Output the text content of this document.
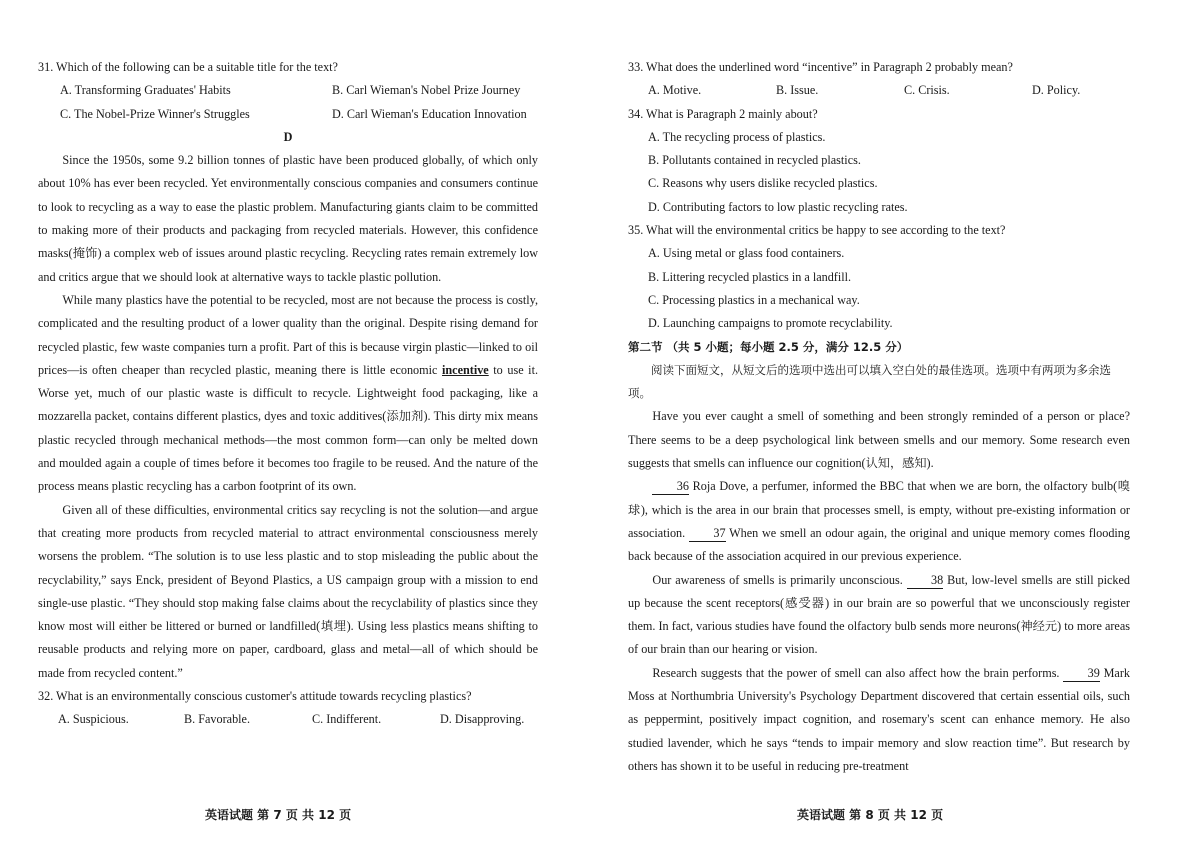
31. Which of the following can be a suitable title for the text?

A. Transforming Graduates' Habits	B. Carl Wieman's Nobel Prize Journey
C. The Nobel-Prize Winner's Struggles	D. Carl Wieman's Education Innovation

D

Since the 1950s, some 9.2 billion tonnes of plastic have been produced globally, of which only about 10% has ever been recycled. Yet environmentally conscious companies and consumers continue to look to recycling as a way to ease the plastic problem. Manufacturing giants claim to be committed to making more of their products and packaging from recycled materials. However, this confidence masks(掩饰) a complex web of issues around plastic recycling. Recycling rates remain extremely low and critics argue that we should look at alternative ways to tackle plastic pollution.

While many plastics have the potential to be recycled, most are not because the process is costly, complicated and the resulting product of a lower quality than the original. Despite rising demand for recycled plastic, few waste companies turn a profit. Part of this is because virgin plastic—linked to oil prices—is often cheaper than recycled plastic, meaning there is little economic incentive to use it. Worse yet, much of our plastic waste is difficult to recycle. Lightweight food packaging, like a mozzarella packet, contains different plastics, dyes and toxic additives(添加剂). This dirty mix means plastic recycled through mechanical methods—the most common form—can only be melted down and moulded again a couple of times before it becomes too fragile to be reused. And the nature of the process means plastic recycling has a carbon footprint of its own.

Given all of these difficulties, environmental critics say recycling is not the solution—and argue that creating more products from recycled material to attract environmental consciousness merely worsens the problem. “The solution is to use less plastic and to stop misleading the public about the recyclability,” says Enck, president of Beyond Plastics, a US campaign group with a mission to end single-use plastic. “They should stop making false claims about the recyclability of plastics since they know most will either be littered or burned or landfilled(填埋). Using less plastics means shifting to reusable products and relying more on paper, cardboard, glass and metal—all of which should be made from recycled content.”

32. What is an environmentally conscious customer's attitude towards recycling plastics?

A. Suspicious.	B. Favorable.	C. Indifferent.	D. Disapproving.
英语试题 第 7 页 共 12 页

33. What does the underlined word “incentive” in Paragraph 2 probably mean?

A. Motive.	B. Issue.	C. Crisis.	D. Policy.

34. What is Paragraph 2 mainly about?

A. The recycling process of plastics.

B. Pollutants contained in recycled plastics.

C. Reasons why users dislike recycled plastics.

D. Contributing factors to low plastic recycling rates.

35. What will the environmental critics be happy to see according to the text?

A. Using metal or glass food containers.

B. Littering recycled plastics in a landfill.

C. Processing plastics in a mechanical way.

D. Launching campaigns to promote recyclability.

第二节 （共 5 小题；每小题 2.5 分，满分 12.5 分）

阅读下面短文，从短文后的选项中选出可以填入空白处的最佳选项。选项中有两项为多余选项。

Have you ever caught a smell of something and been strongly reminded of a person or place? There seems to be a deep psychological link between smells and our memory. Some research even suggests that smells can influence our cognition(认知，感知).

36 Roja Dove, a perfumer, informed the BBC that when we are born, the olfactory bulb(嗅球), which is the area in our brain that processes smell, is empty, without pre-existing information or association. 37 When we smell an odour again, the original and unique memory comes flooding back because of the association acquired in our previous experience.

Our awareness of smells is primarily unconscious. 38 But, low-level smells are still picked up because the scent receptors(感受器) in our brain are so powerful that we unconsciously register them. In fact, various studies have found the olfactory bulb sends more neurons(神经元) to more areas of our brain than our hearing or vision.

Research suggests that the power of smell can also affect how the brain performs. 39 Mark Moss at Northumbria University's Psychology Department discovered that certain essential oils, such as peppermint, positively impact cognition, and rosemary's scent can enhance memory. He also studied lavender, which he says “tends to impair memory and slow reaction time”. But research by others has shown it to be useful in reducing pre-treatment

英语试题 第 8 页 共 12 页
